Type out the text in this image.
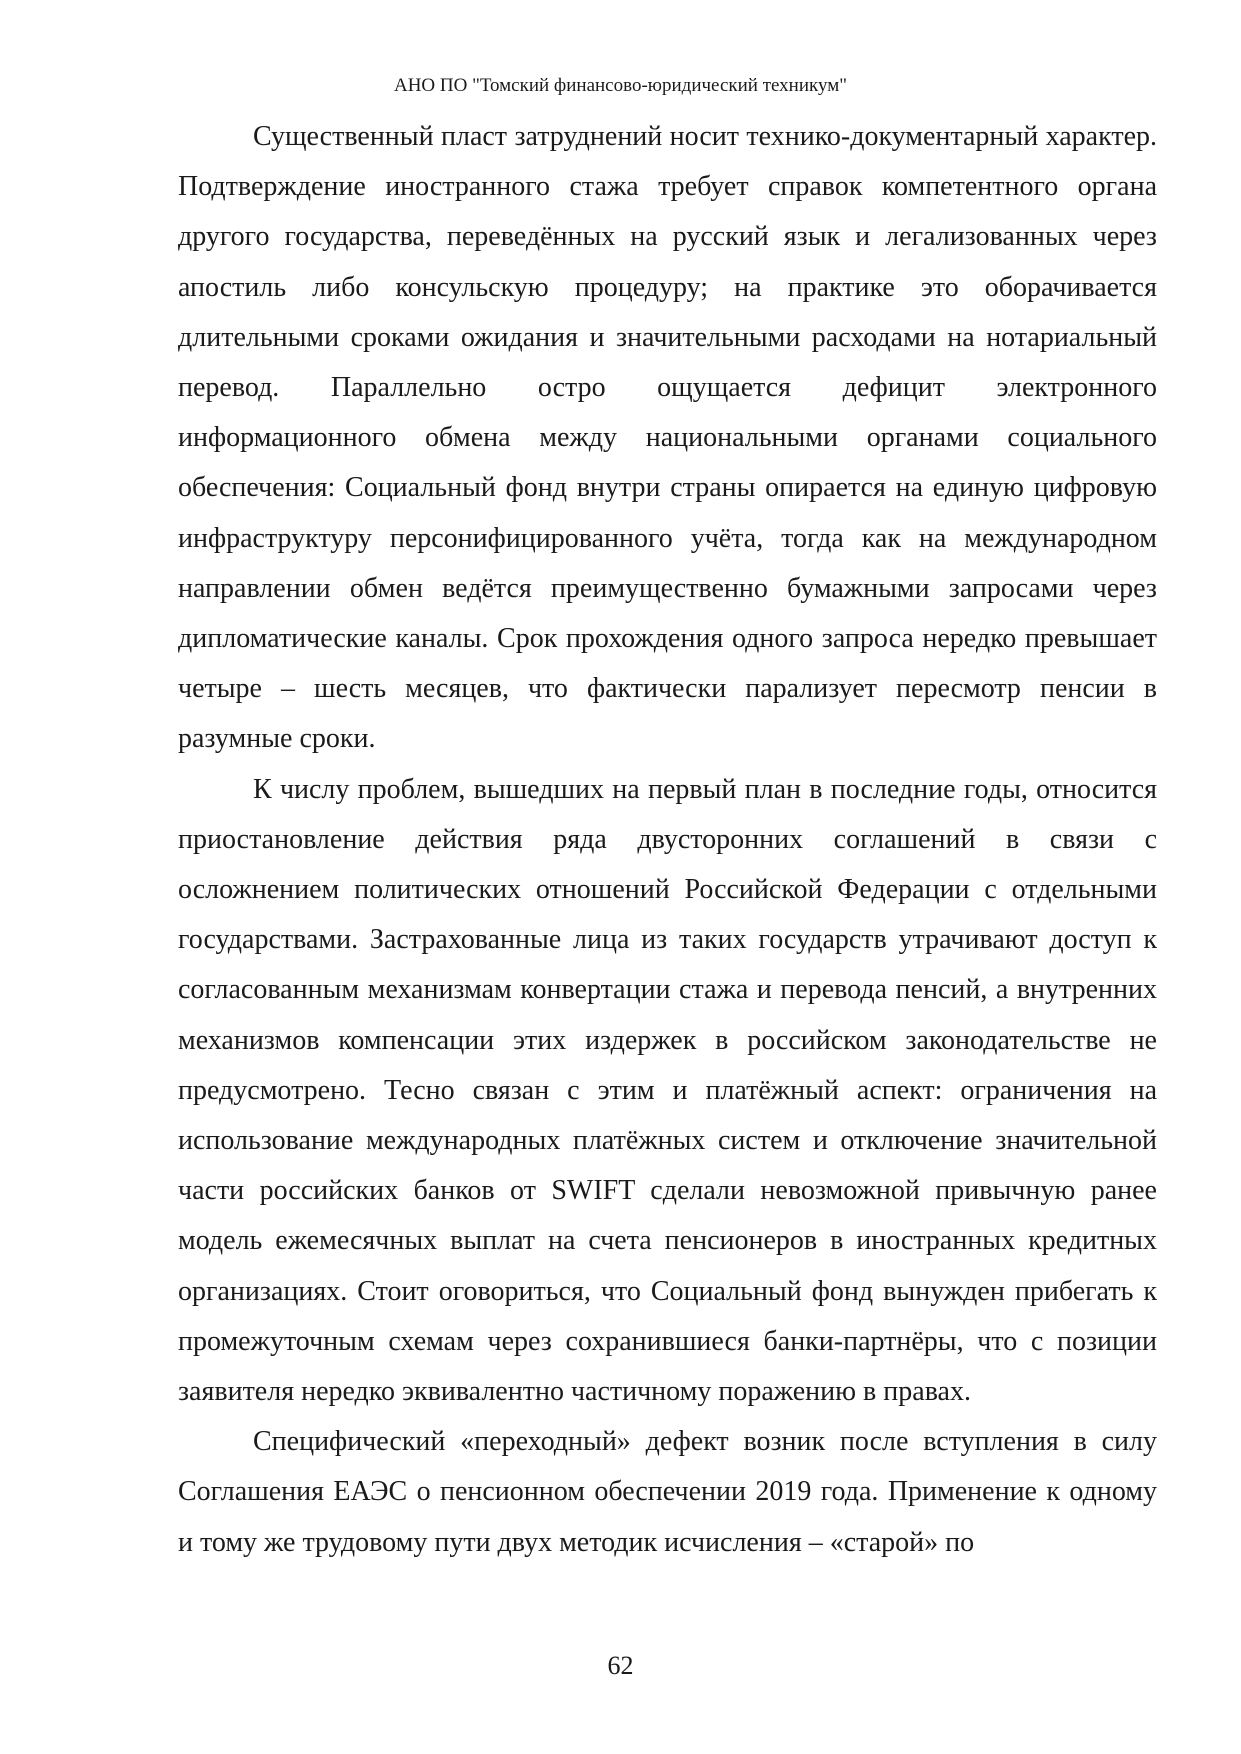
АНО ПО "Томский финансово-юридический техникум"

Существенный пласт затруднений носит технико-документарный характер. Подтверждение иностранного стажа требует справок компетентного органа другого государства, переведённых на русский язык и легализованных через апостиль либо консульскую процедуру; на практике это оборачивается длительными сроками ожидания и значительными расходами на нотариальный перевод. Параллельно остро ощущается дефицит электронного информационного обмена между национальными органами социального обеспечения: Социальный фонд внутри страны опирается на единую цифровую инфраструктуру персонифицированного учёта, тогда как на международном направлении обмен ведётся преимущественно бумажными запросами через дипломатические каналы. Срок прохождения одного запроса нередко превышает четыре – шесть месяцев, что фактически парализует пересмотр пенсии в разумные сроки.

К числу проблем, вышедших на первый план в последние годы, относится приостановление действия ряда двусторонних соглашений в связи с осложнением политических отношений Российской Федерации с отдельными государствами. Застрахованные лица из таких государств утрачивают доступ к согласованным механизмам конвертации стажа и перевода пенсий, а внутренних механизмов компенсации этих издержек в российском законодательстве не предусмотрено. Тесно связан с этим и платёжный аспект: ограничения на использование международных платёжных систем и отключение значительной части российских банков от SWIFT сделали невозможной привычную ранее модель ежемесячных выплат на счета пенсионеров в иностранных кредитных организациях. Стоит оговориться, что Социальный фонд вынужден прибегать к промежуточным схемам через сохранившиеся банки-партнёры, что с позиции заявителя нередко эквивалентно частичному поражению в правах.

Специфический «переходный» дефект возник после вступления в силу Соглашения ЕАЭС о пенсионном обеспечении 2019 года. Применение к одному и тому же трудовому пути двух методик исчисления – «старой» по

62
